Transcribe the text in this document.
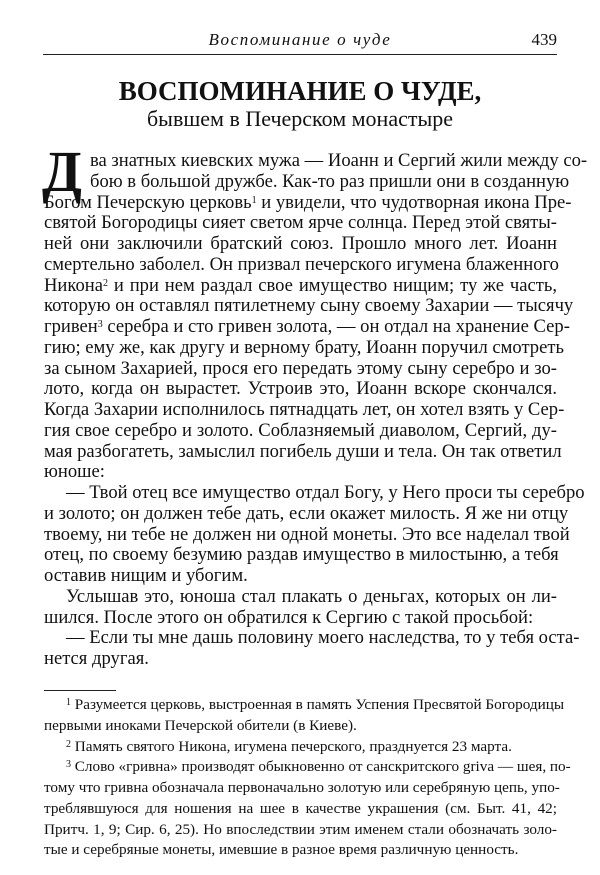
Воспоминание о чуде	439
ВОСПОМИНАНИЕ О ЧУДЕ,
бывшем в Печерском монастыре
Д ва знатных киевских мужа — Иоанн и Сергий жили между со-
бою в большой дружбе. Как-то раз пришли они в созданную
Богом Печерскую церковь$^1$ и увидели, что чудотворная икона Пре-
святой Богородицы сияет светом ярче солнца. Перед этой святы-
ней они заключили братский союз. Прошло много лет. Иоанн
смертельно заболел. Он призвал печерского игумена блаженного
Никона$^2$ и при нем раздал свое имущество нищим; ту же часть,
которую он оставлял пятилетнему сыну своему Захарии — тысячу
гривен$^3$ серебра и сто гривен золота, — он отдал на хранение Сер-
гию; ему же, как другу и верному брату, Иоанн поручил смотреть
за сыном Захарией, прося его передать этому сыну серебро и зо-
лото, когда он вырастет. Устроив это, Иоанн вскоре скончался.
Когда Захарии исполнилось пятнадцать лет, он хотел взять у Сер-
гия свое серебро и золото. Соблазняемый диаволом, Сергий, ду-
мая разбогатеть, замыслил погибель души и тела. Он так ответил
юноше:
— Твой отец все имущество отдал Богу, у Него проси ты серебро
и золото; он должен тебе дать, если окажет милость. Я же ни отцу
твоему, ни тебе не должен ни одной монеты. Это все наделал твой
отец, по своему безумию раздав имущество в милостыню, а тебя
оставив нищим и убогим.
Услышав это, юноша стал плакать о деньгах, которых он ли-
шился. После этого он обратился к Сергию с такой просьбой:
— Если ты мне дашь половину моего наследства, то у тебя оста-
нется другая.
$^1$ Разумеется церковь, выстроенная в память Успения Пресвятой Богородицы
первыми иноками Печерской обители (в Киеве).
$^2$ Память святого Никона, игумена печерского, празднуется 23 марта.
$^3$ Слово «гривна» производят обыкновенно от санскритского griva — шея, по-
тому что гривна обозначала первоначально золотую или серебряную цепь, упо-
треблявшуюся для ношения на шее в качестве украшения (см. Быт. 41, 42;
Притч. 1, 9; Сир. 6, 25). Но впоследствии этим именем стали обозначать золо-
тые и серебряные монеты, имевшие в разное время различную ценность.
